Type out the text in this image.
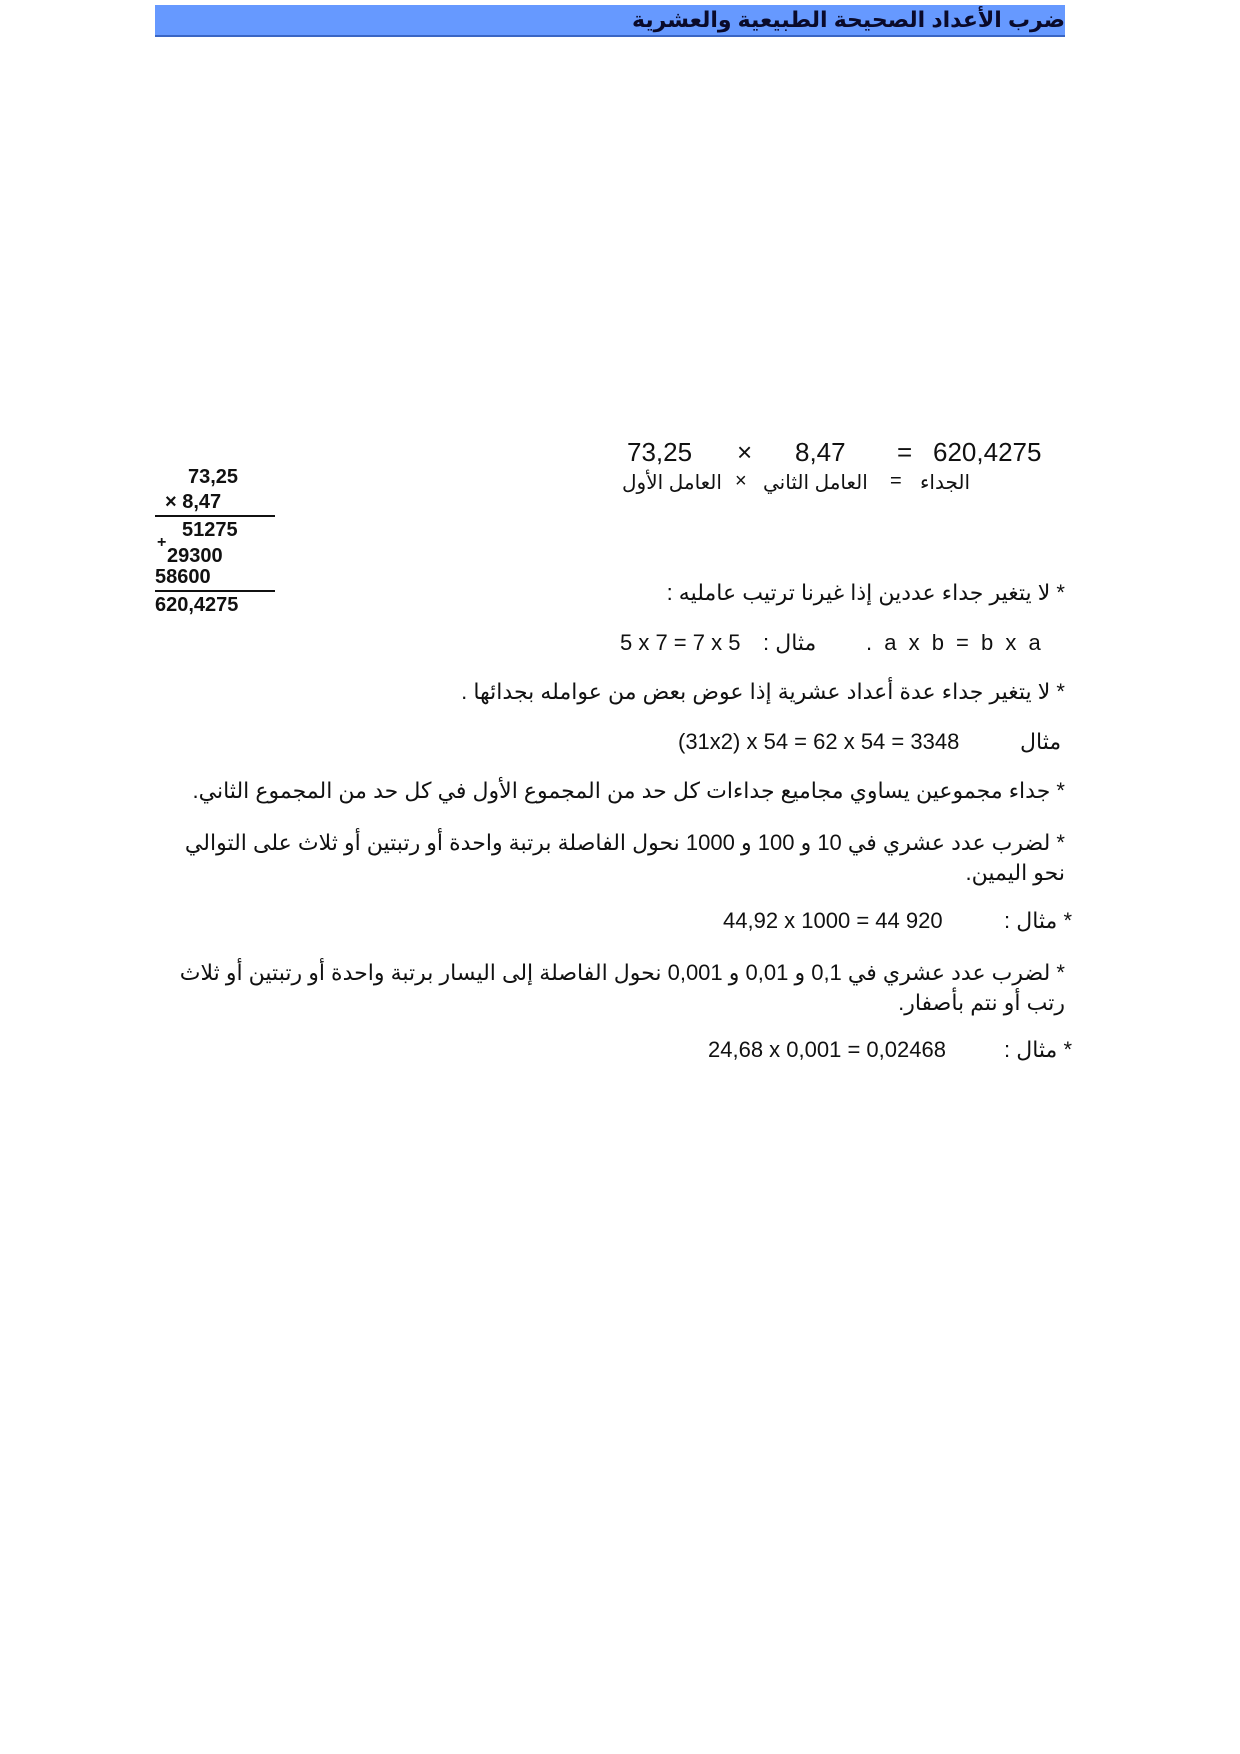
ضرب الأعداد الصحيحة الطبيعية والعشرية
73,25 × 8,47 = 620,4275
العامل الأول × العامل الثاني = الجداء
73,25
× 8,47
51275
+
29300
58600
620,4275	* لا يتغير جداء عددين إذا غيرنا ترتيب عامليه :
5 x 7 = 7 x 5 مثال : a x b = b x a .
* لا يتغير جداء عدة أعداد عشرية إذا عوض بعض من عوامله بجدائها .
(31x2) x 54 = 62 x 54 = 3348	مثال
* جداء مجموعين يساوي مجاميع جداءات كل حد من المجموع الأول في كل حد من المجموع الثاني.
* لضرب عدد عشري في 10 و 100 و 1000 نحول الفاصلة برتبة واحدة أو رتبتين أو ثلاث على التوالي نحو اليمين.
44,92 x 1000 = 44 920	* مثال :
* لضرب عدد عشري في 0,1 و 0,01 و 0,001 نحول الفاصلة إلى اليسار برتبة واحدة أو رتبتين أو ثلاث رتب أو نتم بأصفار.
24,68 x 0,001 = 0,02468	* مثال :
